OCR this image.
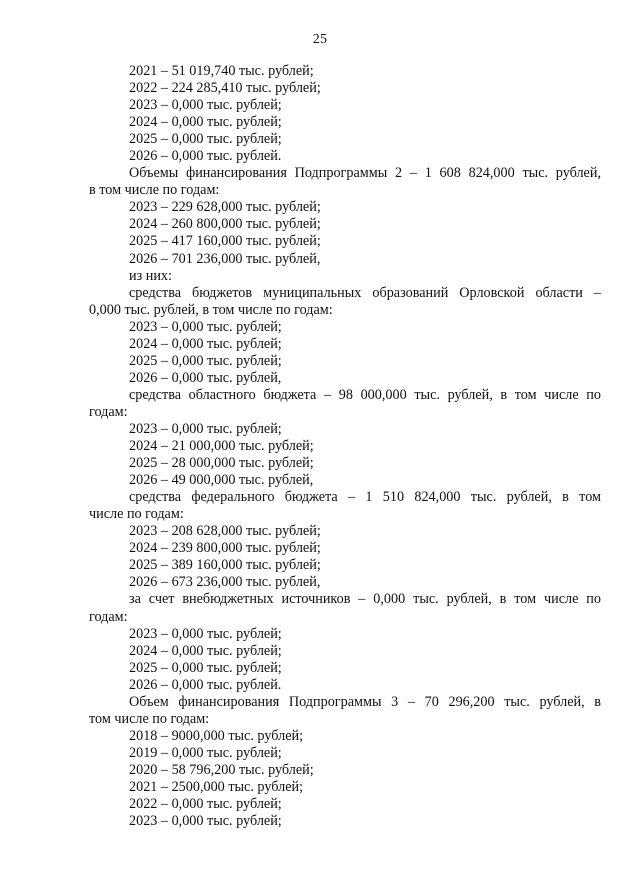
25
2021 – 51 019,740 тыс. рублей;
2022 – 224 285,410 тыс. рублей;
2023 – 0,000 тыс. рублей;
2024 – 0,000 тыс. рублей;
2025 – 0,000 тыс. рублей;
2026 – 0,000 тыс. рублей.
Объемы финансирования Подпрограммы 2 – 1 608 824,000 тыс. рублей,
в том числе по годам:
2023 – 229 628,000 тыс. рублей;
2024 – 260 800,000 тыс. рублей;
2025 – 417 160,000 тыс. рублей;
2026 – 701 236,000 тыс. рублей,
из них:
средства бюджетов муниципальных образований Орловской области –
0,000 тыс. рублей, в том числе по годам:
2023 – 0,000 тыс. рублей;
2024 – 0,000 тыс. рублей;
2025 – 0,000 тыс. рублей;
2026 – 0,000 тыс. рублей,
средства областного бюджета – 98 000,000 тыс. рублей, в том числе по
годам:
2023 – 0,000 тыс. рублей;
2024 – 21 000,000 тыс. рублей;
2025 – 28 000,000 тыс. рублей;
2026 – 49 000,000 тыс. рублей,
средства федерального бюджета – 1 510 824,000 тыс. рублей, в том
числе по годам:
2023 – 208 628,000 тыс. рублей;
2024 – 239 800,000 тыс. рублей;
2025 – 389 160,000 тыс. рублей;
2026 – 673 236,000 тыс. рублей,
за счет внебюджетных источников – 0,000 тыс. рублей, в том числе по
годам:
2023 – 0,000 тыс. рублей;
2024 – 0,000 тыс. рублей;
2025 – 0,000 тыс. рублей;
2026 – 0,000 тыс. рублей.
Объем финансирования Подпрограммы 3 – 70 296,200 тыс. рублей, в
том числе по годам:
2018 – 9000,000 тыс. рублей;
2019 – 0,000 тыс. рублей;
2020 – 58 796,200 тыс. рублей;
2021 – 2500,000 тыс. рублей;
2022 – 0,000 тыс. рублей;
2023 – 0,000 тыс. рублей;
